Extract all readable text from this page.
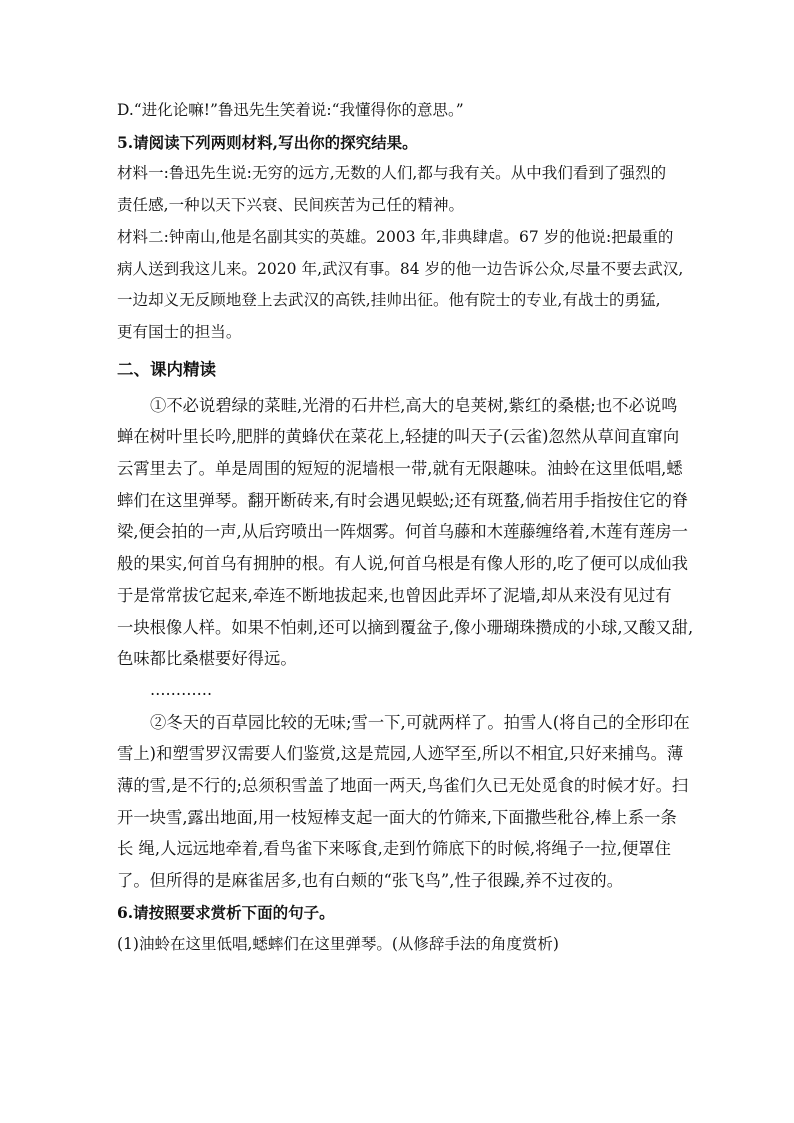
D.“进化论嘛!”鲁迅先生笑着说:“我懂得你的意思。”
5.请阅读下列两则材料,写出你的探究结果。
材料一:鲁迅先生说:无穷的远方,无数的人们,都与我有关。从中我们看到了强烈的
责任感,一种以天下兴衰、民间疾苦为己任的精神。
材料二:钟南山,他是名副其实的英雄。2003 年,非典肆虐。67 岁的他说:把最重的
病人送到我这儿来。2020 年,武汉有事。84 岁的他一边告诉公众,尽量不要去武汉,
一边却义无反顾地登上去武汉的高铁,挂帅出征。他有院士的专业,有战士的勇猛,
更有国士的担当。
二、课内精读
①不必说碧绿的菜畦,光滑的石井栏,高大的皂荚树,紫红的桑椹;也不必说鸣
蝉在树叶里长吟,肥胖的黄蜂伏在菜花上,轻捷的叫天子(云雀)忽然从草间直窜向
云霄里去了。单是周围的短短的泥墙根一带,就有无限趣味。油蛉在这里低唱,蟋
蟀们在这里弹琴。翻开断砖来,有时会遇见蜈蚣;还有斑蝥,倘若用手指按住它的脊
梁,便会拍的一声,从后窍喷出一阵烟雾。何首乌藤和木莲藤缠络着,木莲有莲房一
般的果实,何首乌有拥肿的根。有人说,何首乌根是有像人形的,吃了便可以成仙我
于是常常拔它起来,牵连不断地拔起来,也曾因此弄坏了泥墙,却从来没有见过有
一块根像人样。如果不怕刺,还可以摘到覆盆子,像小珊瑚珠攒成的小球,又酸又甜,
色味都比桑椹要好得远。
…………
②冬天的百草园比较的无味;雪一下,可就两样了。拍雪人(将自己的全形印在
雪上)和塑雪罗汉需要人们鉴赏,这是荒园,人迹罕至,所以不相宜,只好来捕鸟。薄
薄的雪,是不行的;总须积雪盖了地面一两天,鸟雀们久已无处觅食的时候才好。扫
开一块雪,露出地面,用一枝短棒支起一面大的竹筛来,下面撒些秕谷,棒上系一条
长 绳,人远远地牵着,看鸟雀下来啄食,走到竹筛底下的时候,将绳子一拉,便罩住
了。但所得的是麻雀居多,也有白颊的“张飞鸟”,性子很躁,养不过夜的。
6.请按照要求赏析下面的句子。
(1)油蛉在这里低唱,蟋蟀们在这里弹琴。(从修辞手法的角度赏析)
